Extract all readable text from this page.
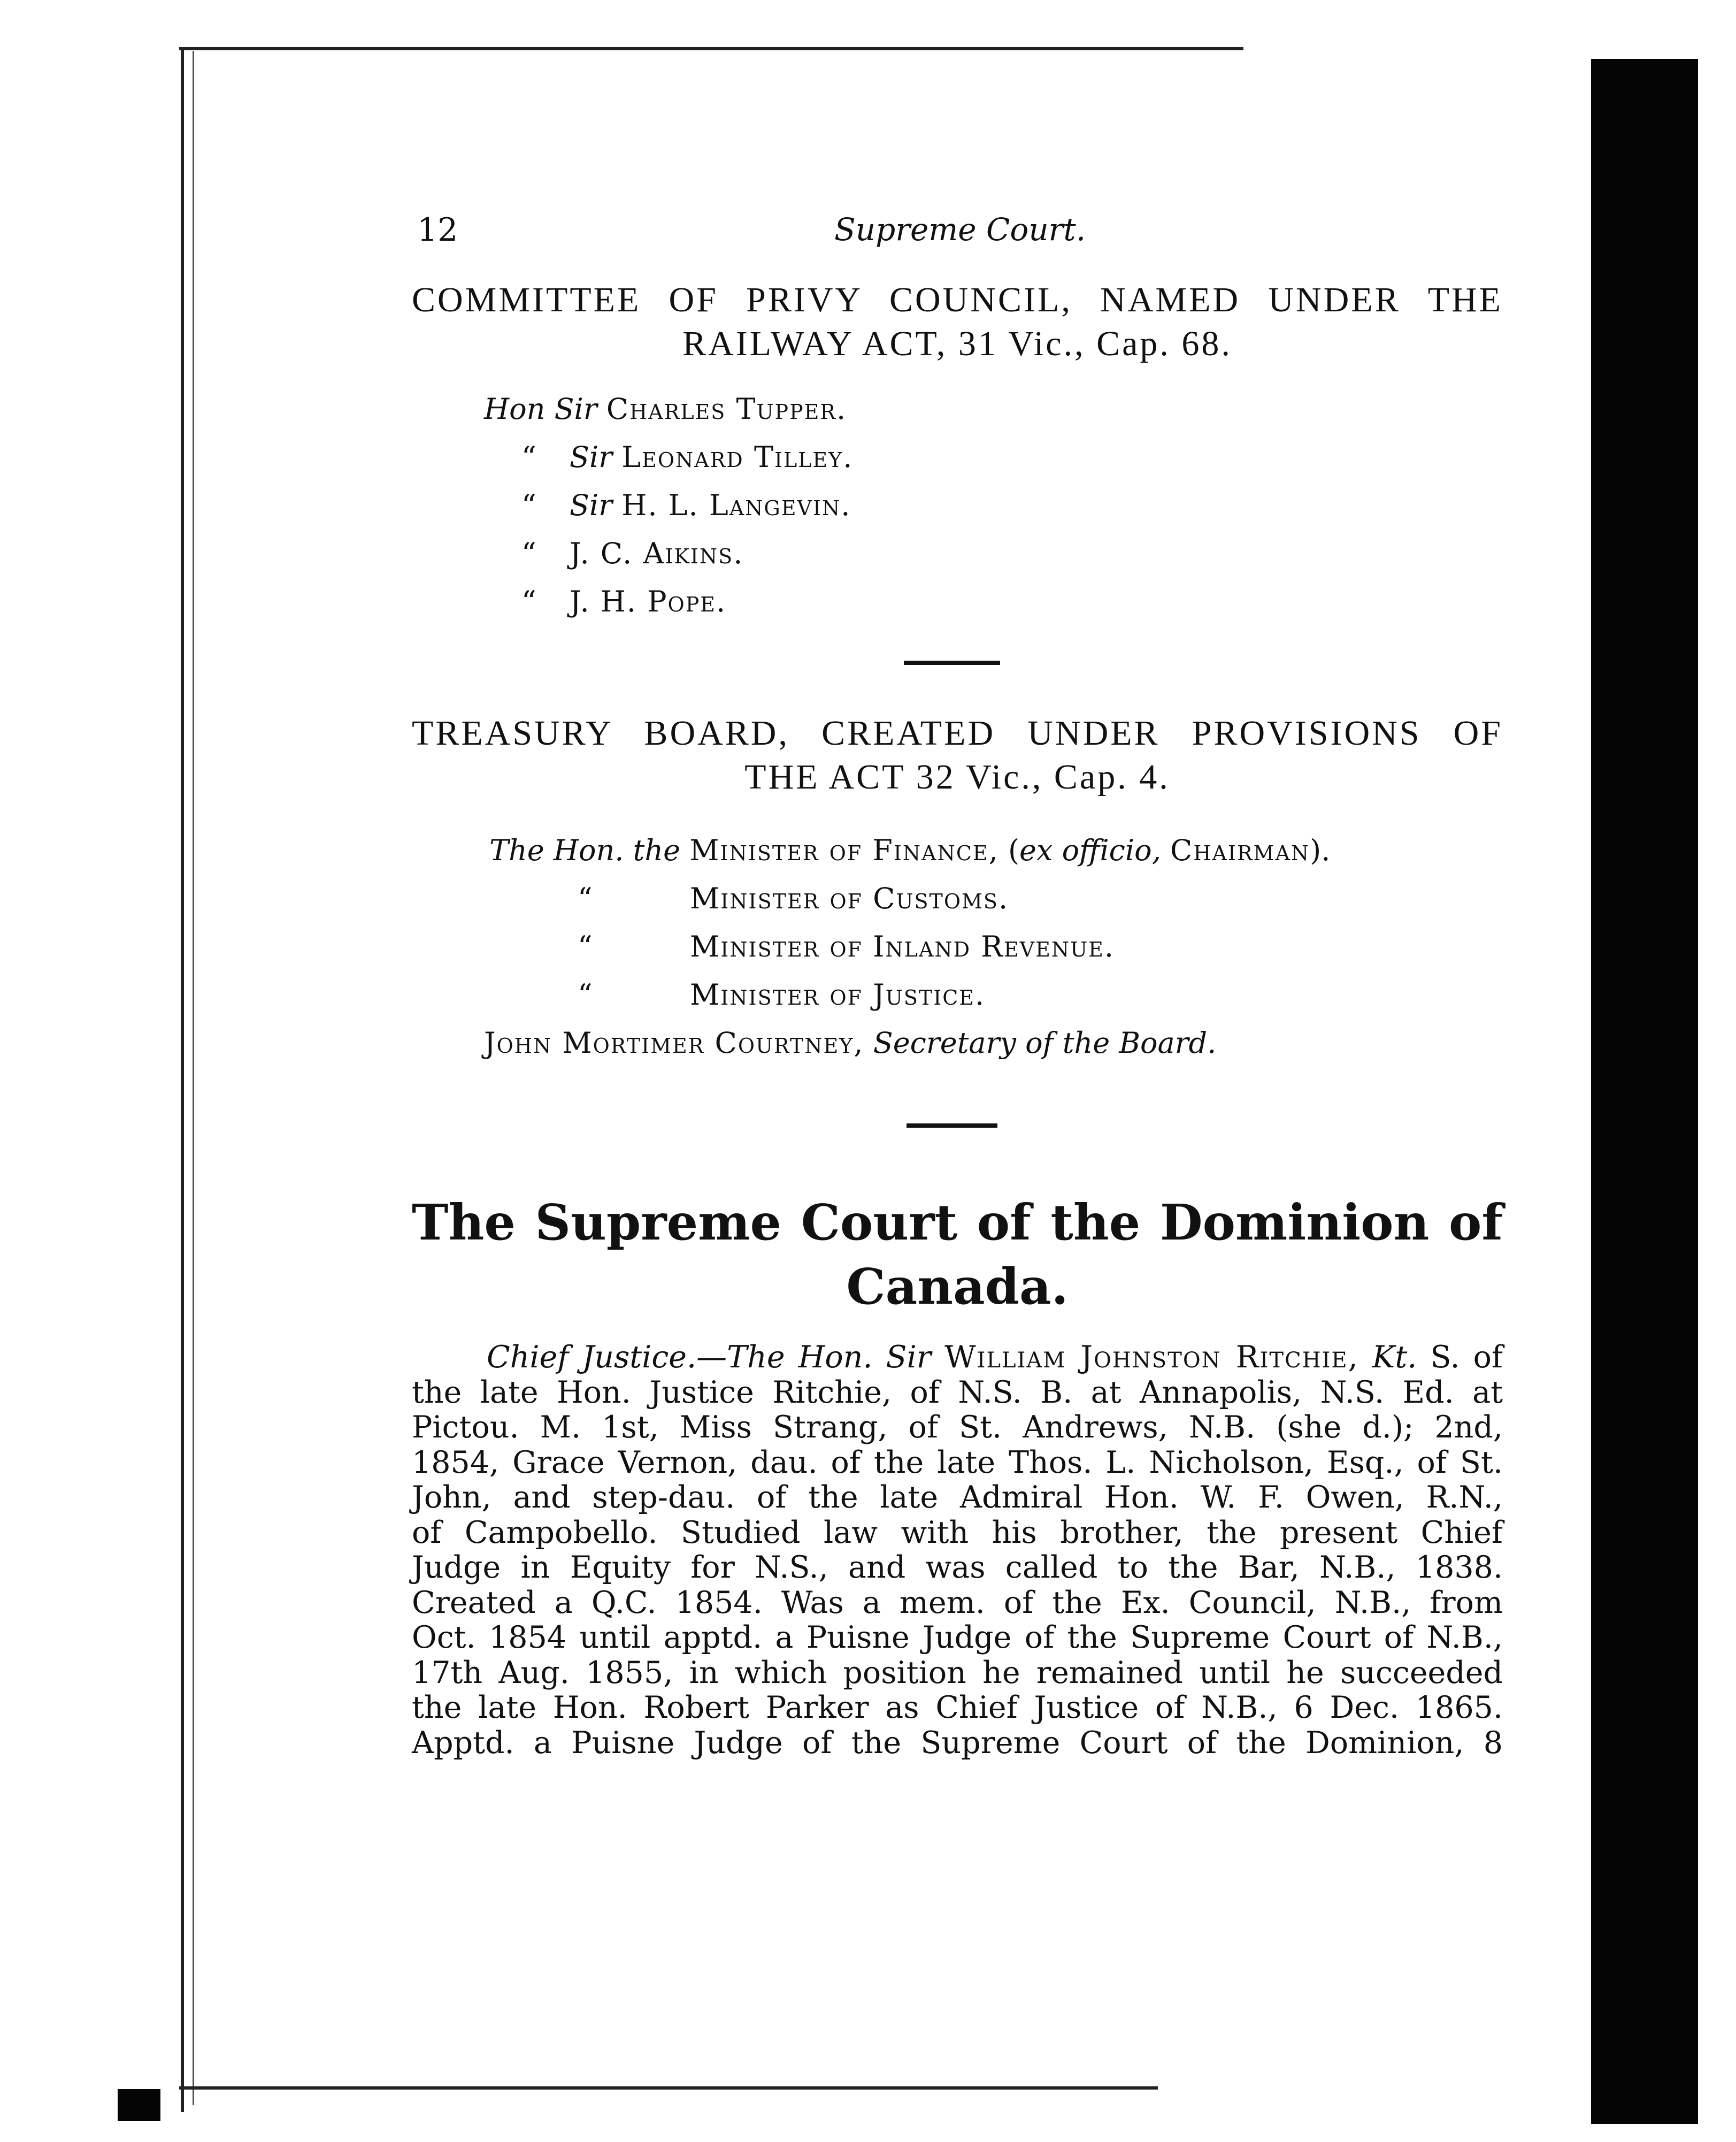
12	Supreme Court.
COMMITTEE OF PRIVY COUNCIL, NAMED UNDER THE
RAILWAY ACT, 31 Vic., Cap. 68.
Hon Sir Charles Tupper.
“ Sir Leonard Tilley.
“ Sir H. L. Langevin.
“ J. C. Aikins.
“ J. H. Pope.
TREASURY BOARD, CREATED UNDER PROVISIONS OF
THE ACT 32 Vic., Cap. 4.
The Hon. the Minister of Finance, (ex officio, Chairman).
“	Minister of Customs.
“	Minister of Inland Revenue.
“	Minister of Justice.
John Mortimer Courtney, Secretary of the Board.
The Supreme Court of the Dominion of
Canada.
Chief Justice.—The Hon. Sir William Johnston Ritchie, Kt. S. of
the late Hon. Justice Ritchie, of N.S. B. at Annapolis, N.S. Ed. at
Pictou. M. 1st, Miss Strang, of St. Andrews, N.B. (she d.); 2nd,
1854, Grace Vernon, dau. of the late Thos. L. Nicholson, Esq., of St.
John, and step-dau. of the late Admiral Hon. W. F. Owen, R.N.,
of Campobello. Studied law with his brother, the present Chief
Judge in Equity for N.S., and was called to the Bar, N.B., 1838.
Created a Q.C. 1854. Was a mem. of the Ex. Council, N.B., from
Oct. 1854 until apptd. a Puisne Judge of the Supreme Court of N.B.,
17th Aug. 1855, in which position he remained until he succeeded
the late Hon. Robert Parker as Chief Justice of N.B., 6 Dec. 1865.
Apptd. a Puisne Judge of the Supreme Court of the Dominion, 8
